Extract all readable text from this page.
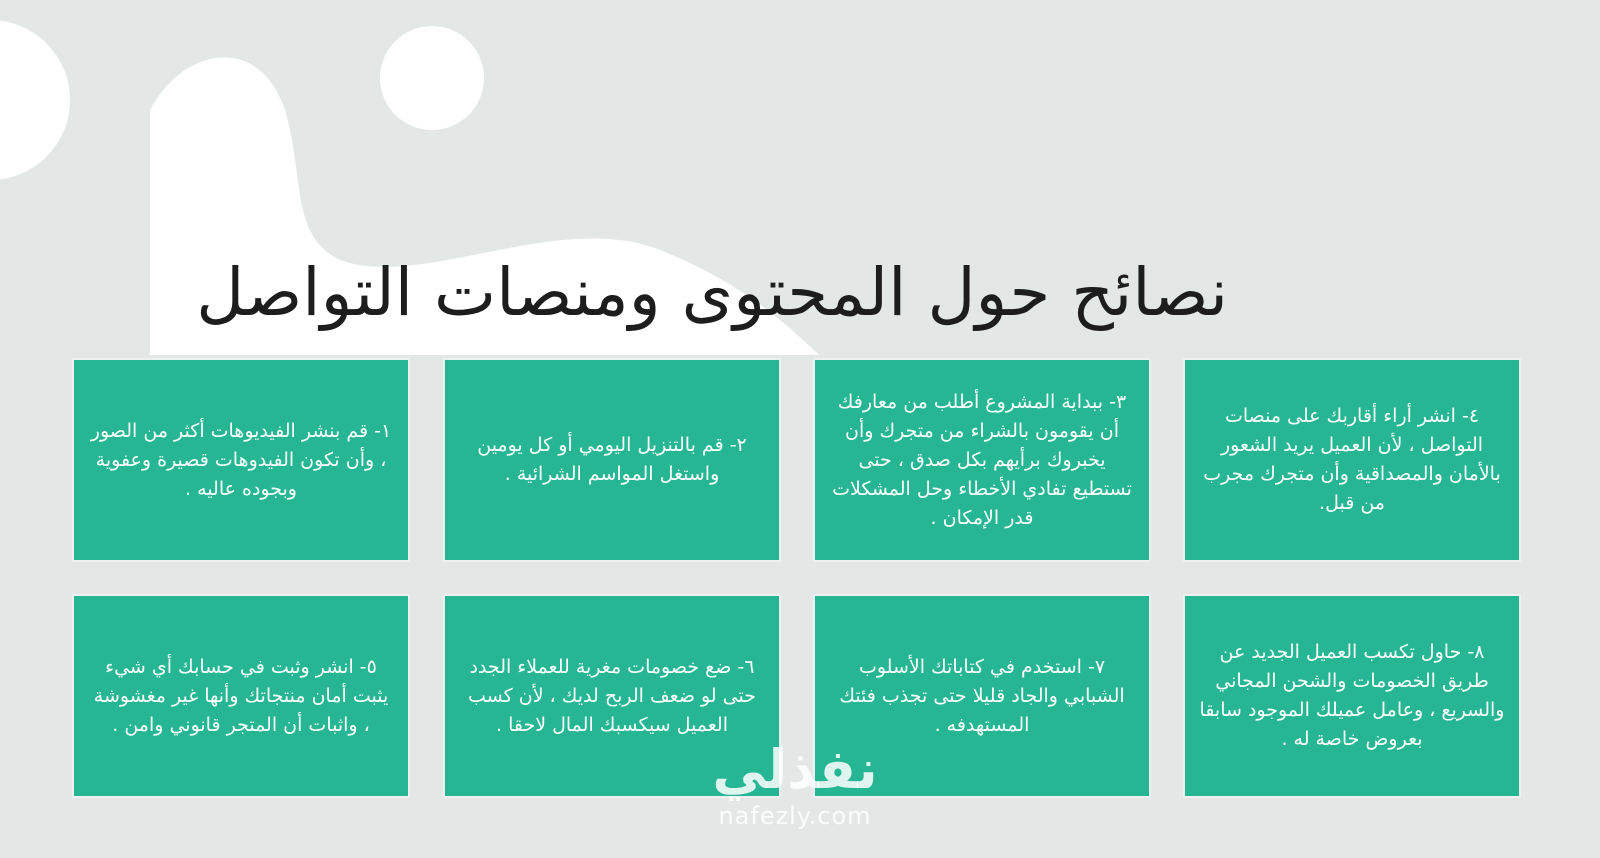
نصائح حول المحتوى ومنصات التواصل

١- قم بنشر الفيديوهات أكثر من الصور ، وأن تكون الفيدوهات قصيرة وعفوية وبجوده عاليه .

٢- قم بالتنزيل اليومي أو كل يومين واستغل المواسم الشرائية .

٣- ببداية المشروع أطلب من معارفك أن يقومون بالشراء من متجرك وأن يخبروك برأيهم بكل صدق ، حتى تستطيع تفادي الأخطاء وحل المشكلات قدر الإمكان .

٤- انشر أراء أقاربك على منصات التواصل ، لأن العميل يريد الشعور بالأمان والمصداقية وأن متجرك مجرب من قبل.

٥- انشر وثبت في حسابك أي شيء يثبت أمان منتجاتك وأنها غير مغشوشة ، واثبات أن المتجر قانوني وامن .

٦- ضع خصومات مغرية للعملاء الجدد حتى لو ضعف الربح لديك ، لأن كسب العميل سيكسبك المال لاحقا .

٧- استخدم في كتاباتك الأسلوب الشبابي والجاد قليلا حتى تجذب فئتك المستهدفه .

٨- حاول تكسب العميل الجديد عن طريق الخصومات والشحن المجاني والسريع ، وعامل عميلك الموجود سابقا بعروض خاصة له .

نفذلي
nafezly.com
